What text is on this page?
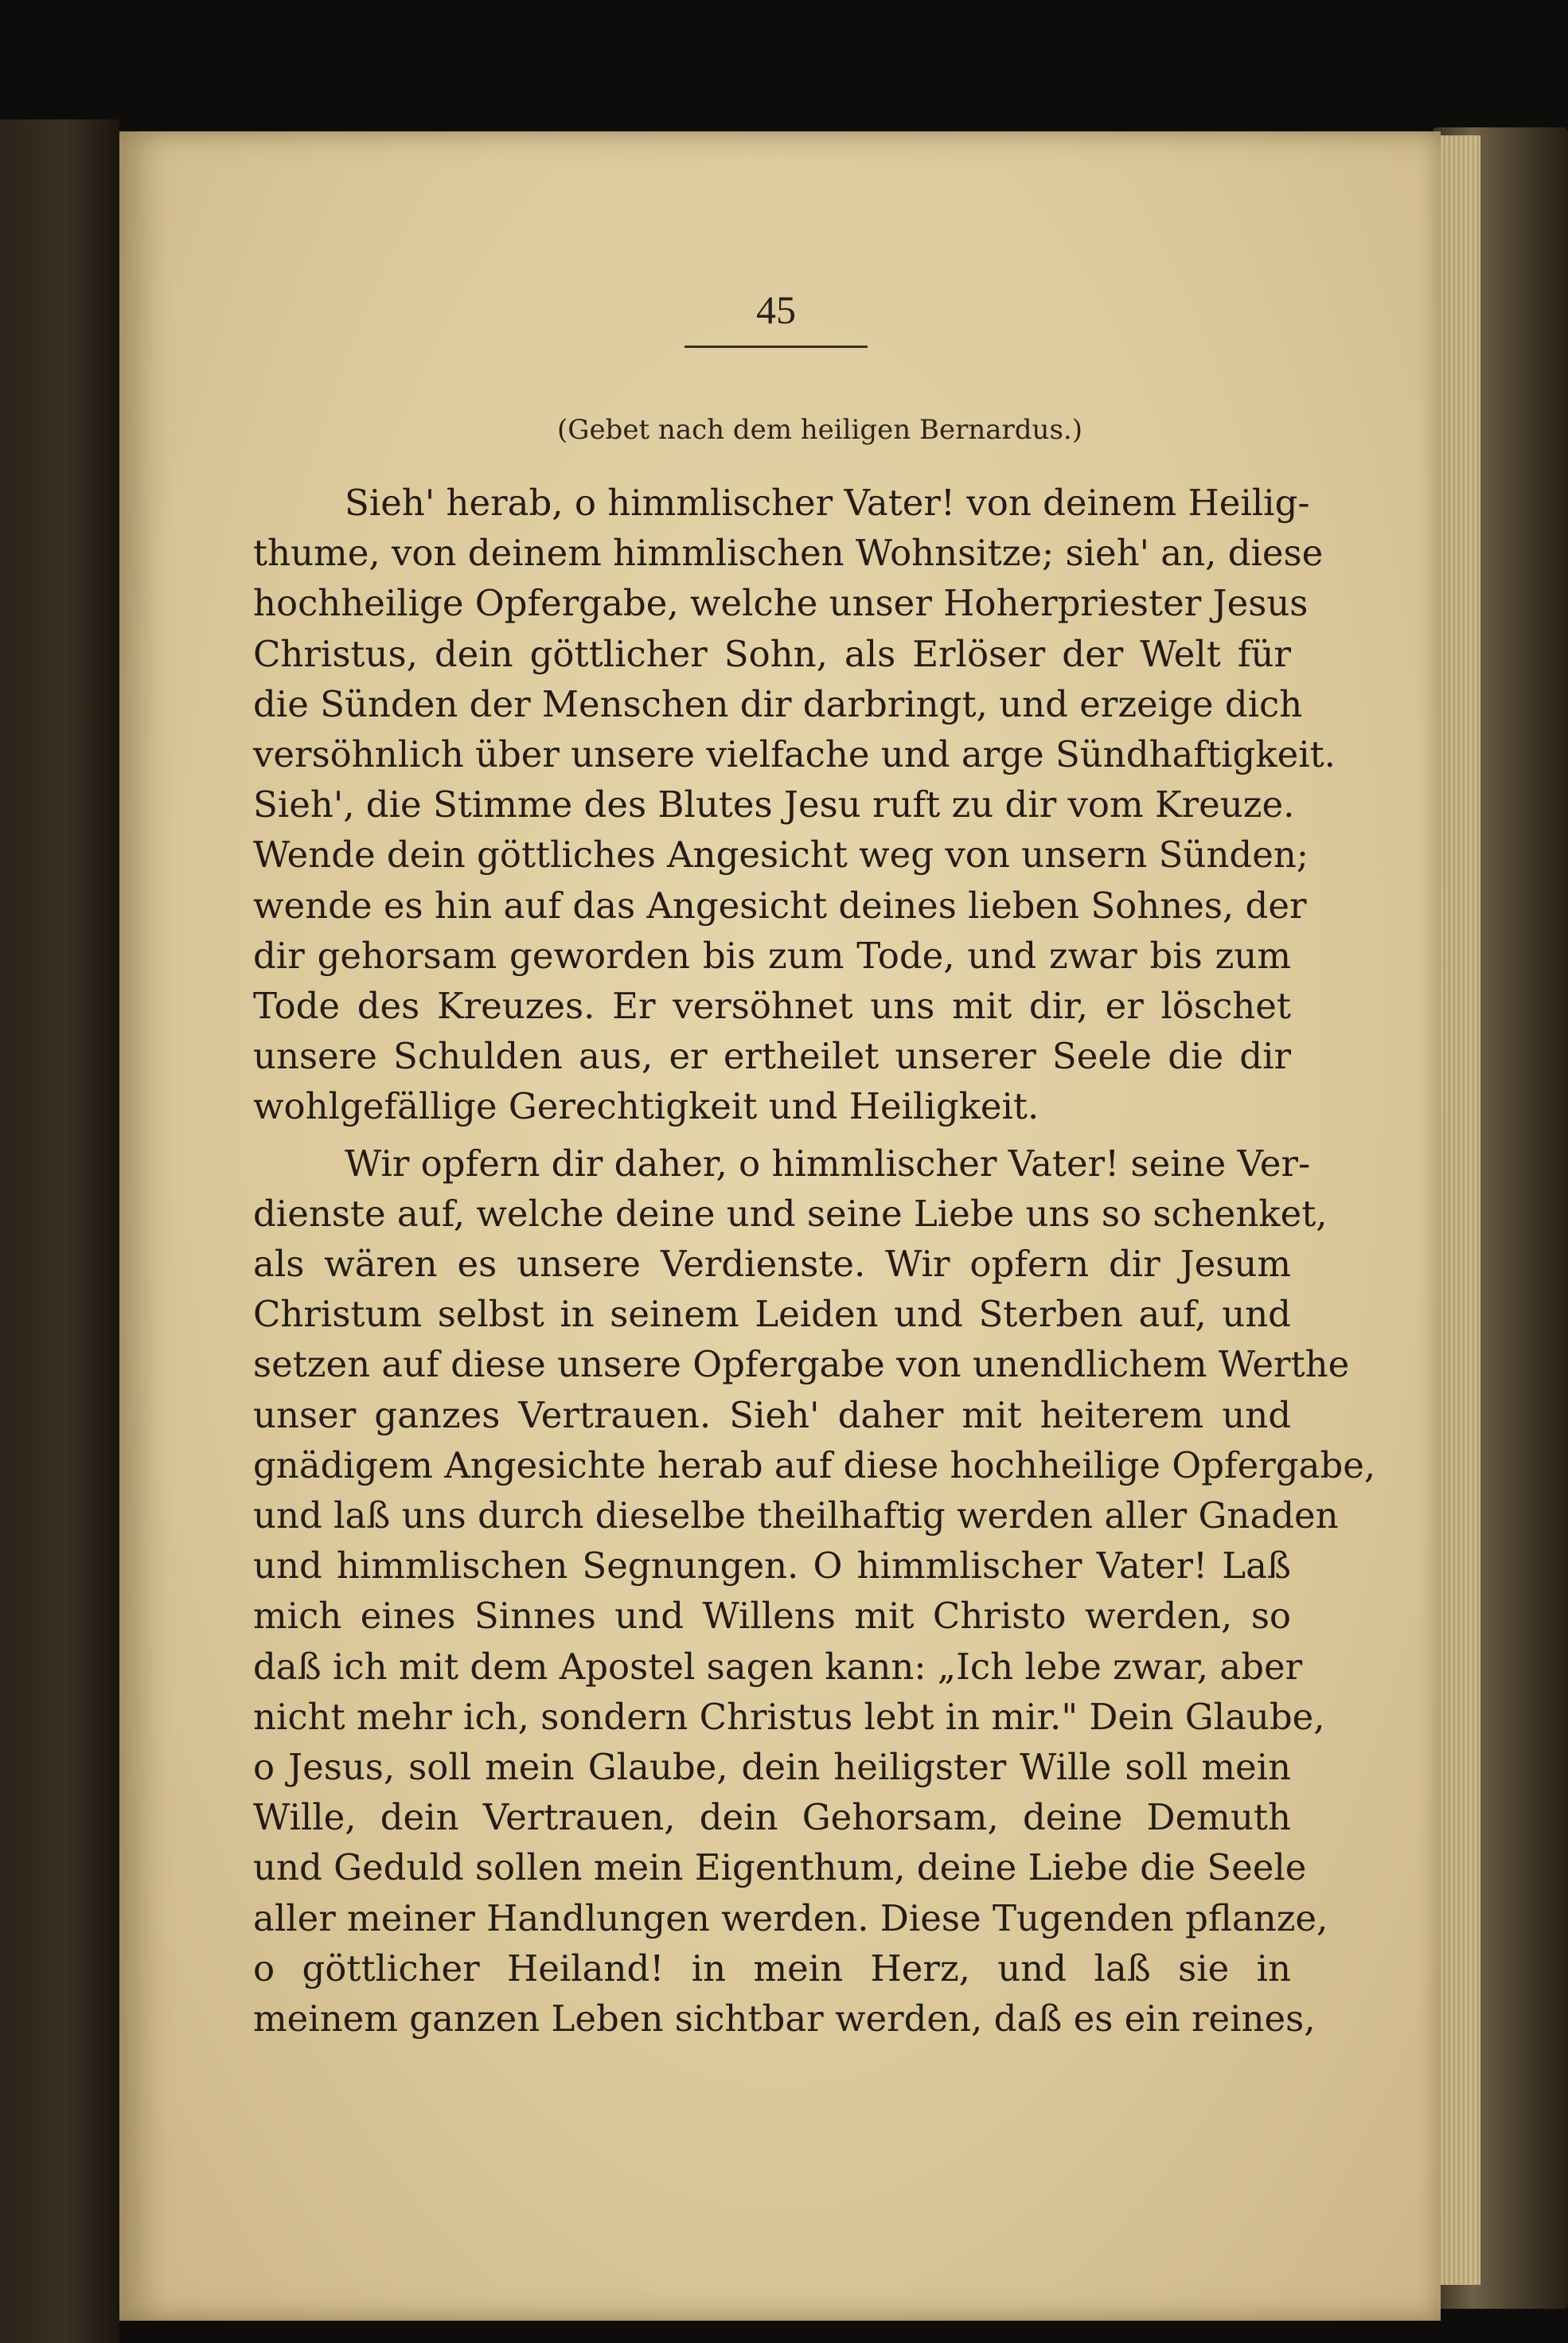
45
(Gebet nach dem heiligen Bernardus.)
Sieh' herab, o himmlischer Vater! von deinem Heilig-
thume, von deinem himmlischen Wohnsitze; sieh' an, diese
hochheilige Opfergabe, welche unser Hoherpriester Jesus
Christus, dein göttlicher Sohn, als Erlöser der Welt für
die Sünden der Menschen dir darbringt, und erzeige dich
versöhnlich über unsere vielfache und arge Sündhaftigkeit.
Sieh', die Stimme des Blutes Jesu ruft zu dir vom Kreuze.
Wende dein göttliches Angesicht weg von unsern Sünden;
wende es hin auf das Angesicht deines lieben Sohnes, der
dir gehorsam geworden bis zum Tode, und zwar bis zum
Tode des Kreuzes. Er versöhnet uns mit dir, er löschet
unsere Schulden aus, er ertheilet unserer Seele die dir
wohlgefällige Gerechtigkeit und Heiligkeit.
Wir opfern dir daher, o himmlischer Vater! seine Ver-
dienste auf, welche deine und seine Liebe uns so schenket,
als wären es unsere Verdienste. Wir opfern dir Jesum
Christum selbst in seinem Leiden und Sterben auf, und
setzen auf diese unsere Opfergabe von unendlichem Werthe
unser ganzes Vertrauen. Sieh' daher mit heiterem und
gnädigem Angesichte herab auf diese hochheilige Opfergabe,
und laß uns durch dieselbe theilhaftig werden aller Gnaden
und himmlischen Segnungen. O himmlischer Vater! Laß
mich eines Sinnes und Willens mit Christo werden, so
daß ich mit dem Apostel sagen kann: „Ich lebe zwar, aber
nicht mehr ich, sondern Christus lebt in mir." Dein Glaube,
o Jesus, soll mein Glaube, dein heiligster Wille soll mein
Wille, dein Vertrauen, dein Gehorsam, deine Demuth
und Geduld sollen mein Eigenthum, deine Liebe die Seele
aller meiner Handlungen werden. Diese Tugenden pflanze,
o göttlicher Heiland! in mein Herz, und laß sie in
meinem ganzen Leben sichtbar werden, daß es ein reines,
